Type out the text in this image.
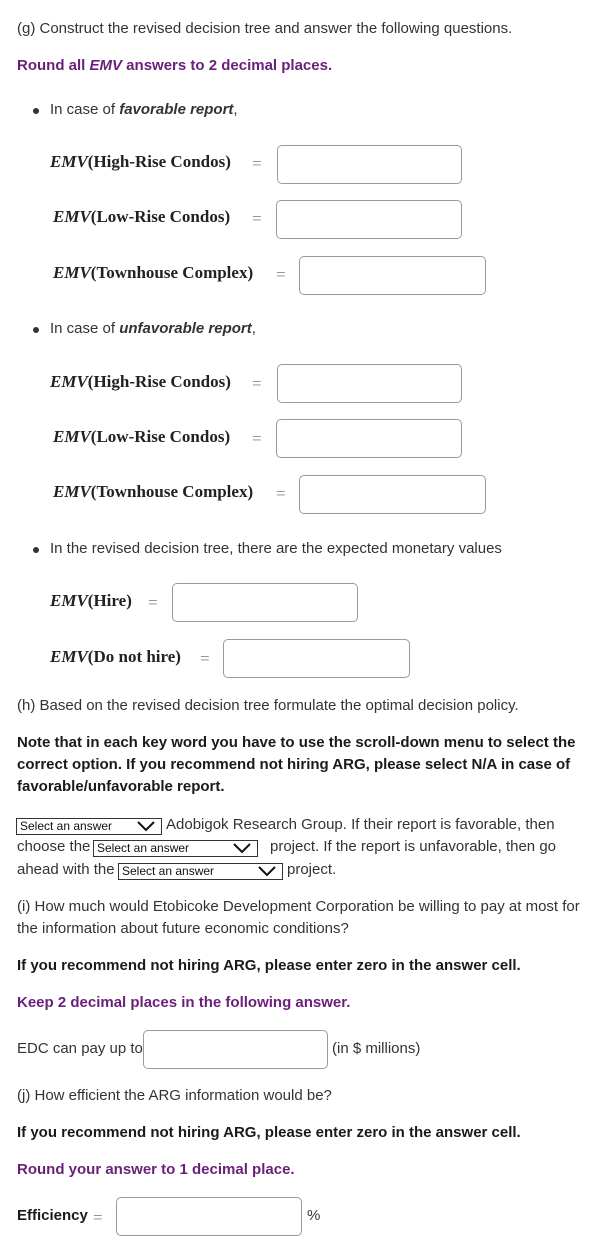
(g) Construct the revised decision tree and answer the following questions.
Round all EMV answers to 2 decimal places.
In case of favorable report,
EMV(High-Rise Condos) =
EMV(Low-Rise Condos) =
EMV(Townhouse Complex) =
In case of unfavorable report,
EMV(High-Rise Condos) =
EMV(Low-Rise Condos) =
EMV(Townhouse Complex) =
In the revised decision tree, there are the expected monetary values
EMV(Hire) =
EMV(Do not hire) =
(h) Based on the revised decision tree formulate the optimal decision policy.
Note that in each key word you have to use the scroll-down menu to select the
correct option. If you recommend not hiring ARG, please select N/A in case of
favorable/unfavorable report.
Select an answer	Adobigok Research Group. If their report is favorable, then
choose the Select an answer	project. If the report is unfavorable, then go
ahead with the Select an answer	project.
(i) How much would Etobicoke Development Corporation be willing to pay at most for
the information about future economic conditions?
If you recommend not hiring ARG, please enter zero in the answer cell.
Keep 2 decimal places in the following answer.
EDC can pay up to	(in $ millions)
(j) How efficient the ARG information would be?
If you recommend not hiring ARG, please enter zero in the answer cell.
Round your answer to 1 decimal place.
Efficiency =	%
